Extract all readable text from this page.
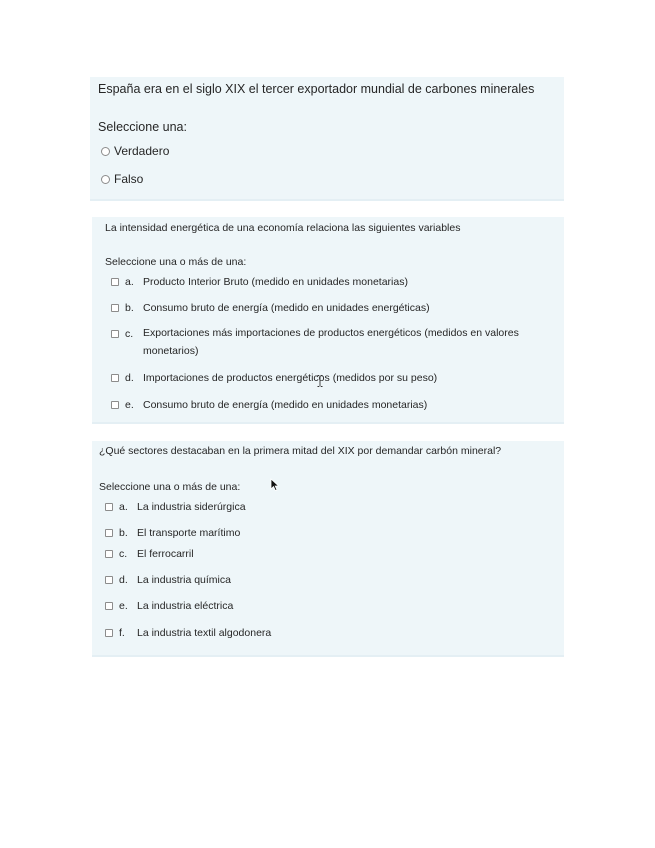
España era en el siglo XIX el tercer exportador mundial de carbones minerales
Seleccione una:
Verdadero
Falso
La intensidad energética de una economía relaciona las siguientes variables
Seleccione una o más de una:
a. Producto Interior Bruto (medido en unidades monetarias)
b. Consumo bruto de energía (medido en unidades energéticas)
c. Exportaciones más importaciones de productos energéticos (medidos en valores monetarios)
d. Importaciones de productos energéticos (medidos por su peso)
e. Consumo bruto de energía (medido en unidades monetarias)
¿Qué sectores destacaban en la primera mitad del XIX por demandar carbón mineral?
Seleccione una o más de una:
a. La industria siderúrgica
b. El transporte marítimo
c. El ferrocarril
d. La industria química
e. La industria eléctrica
f. La industria textil algodonera
